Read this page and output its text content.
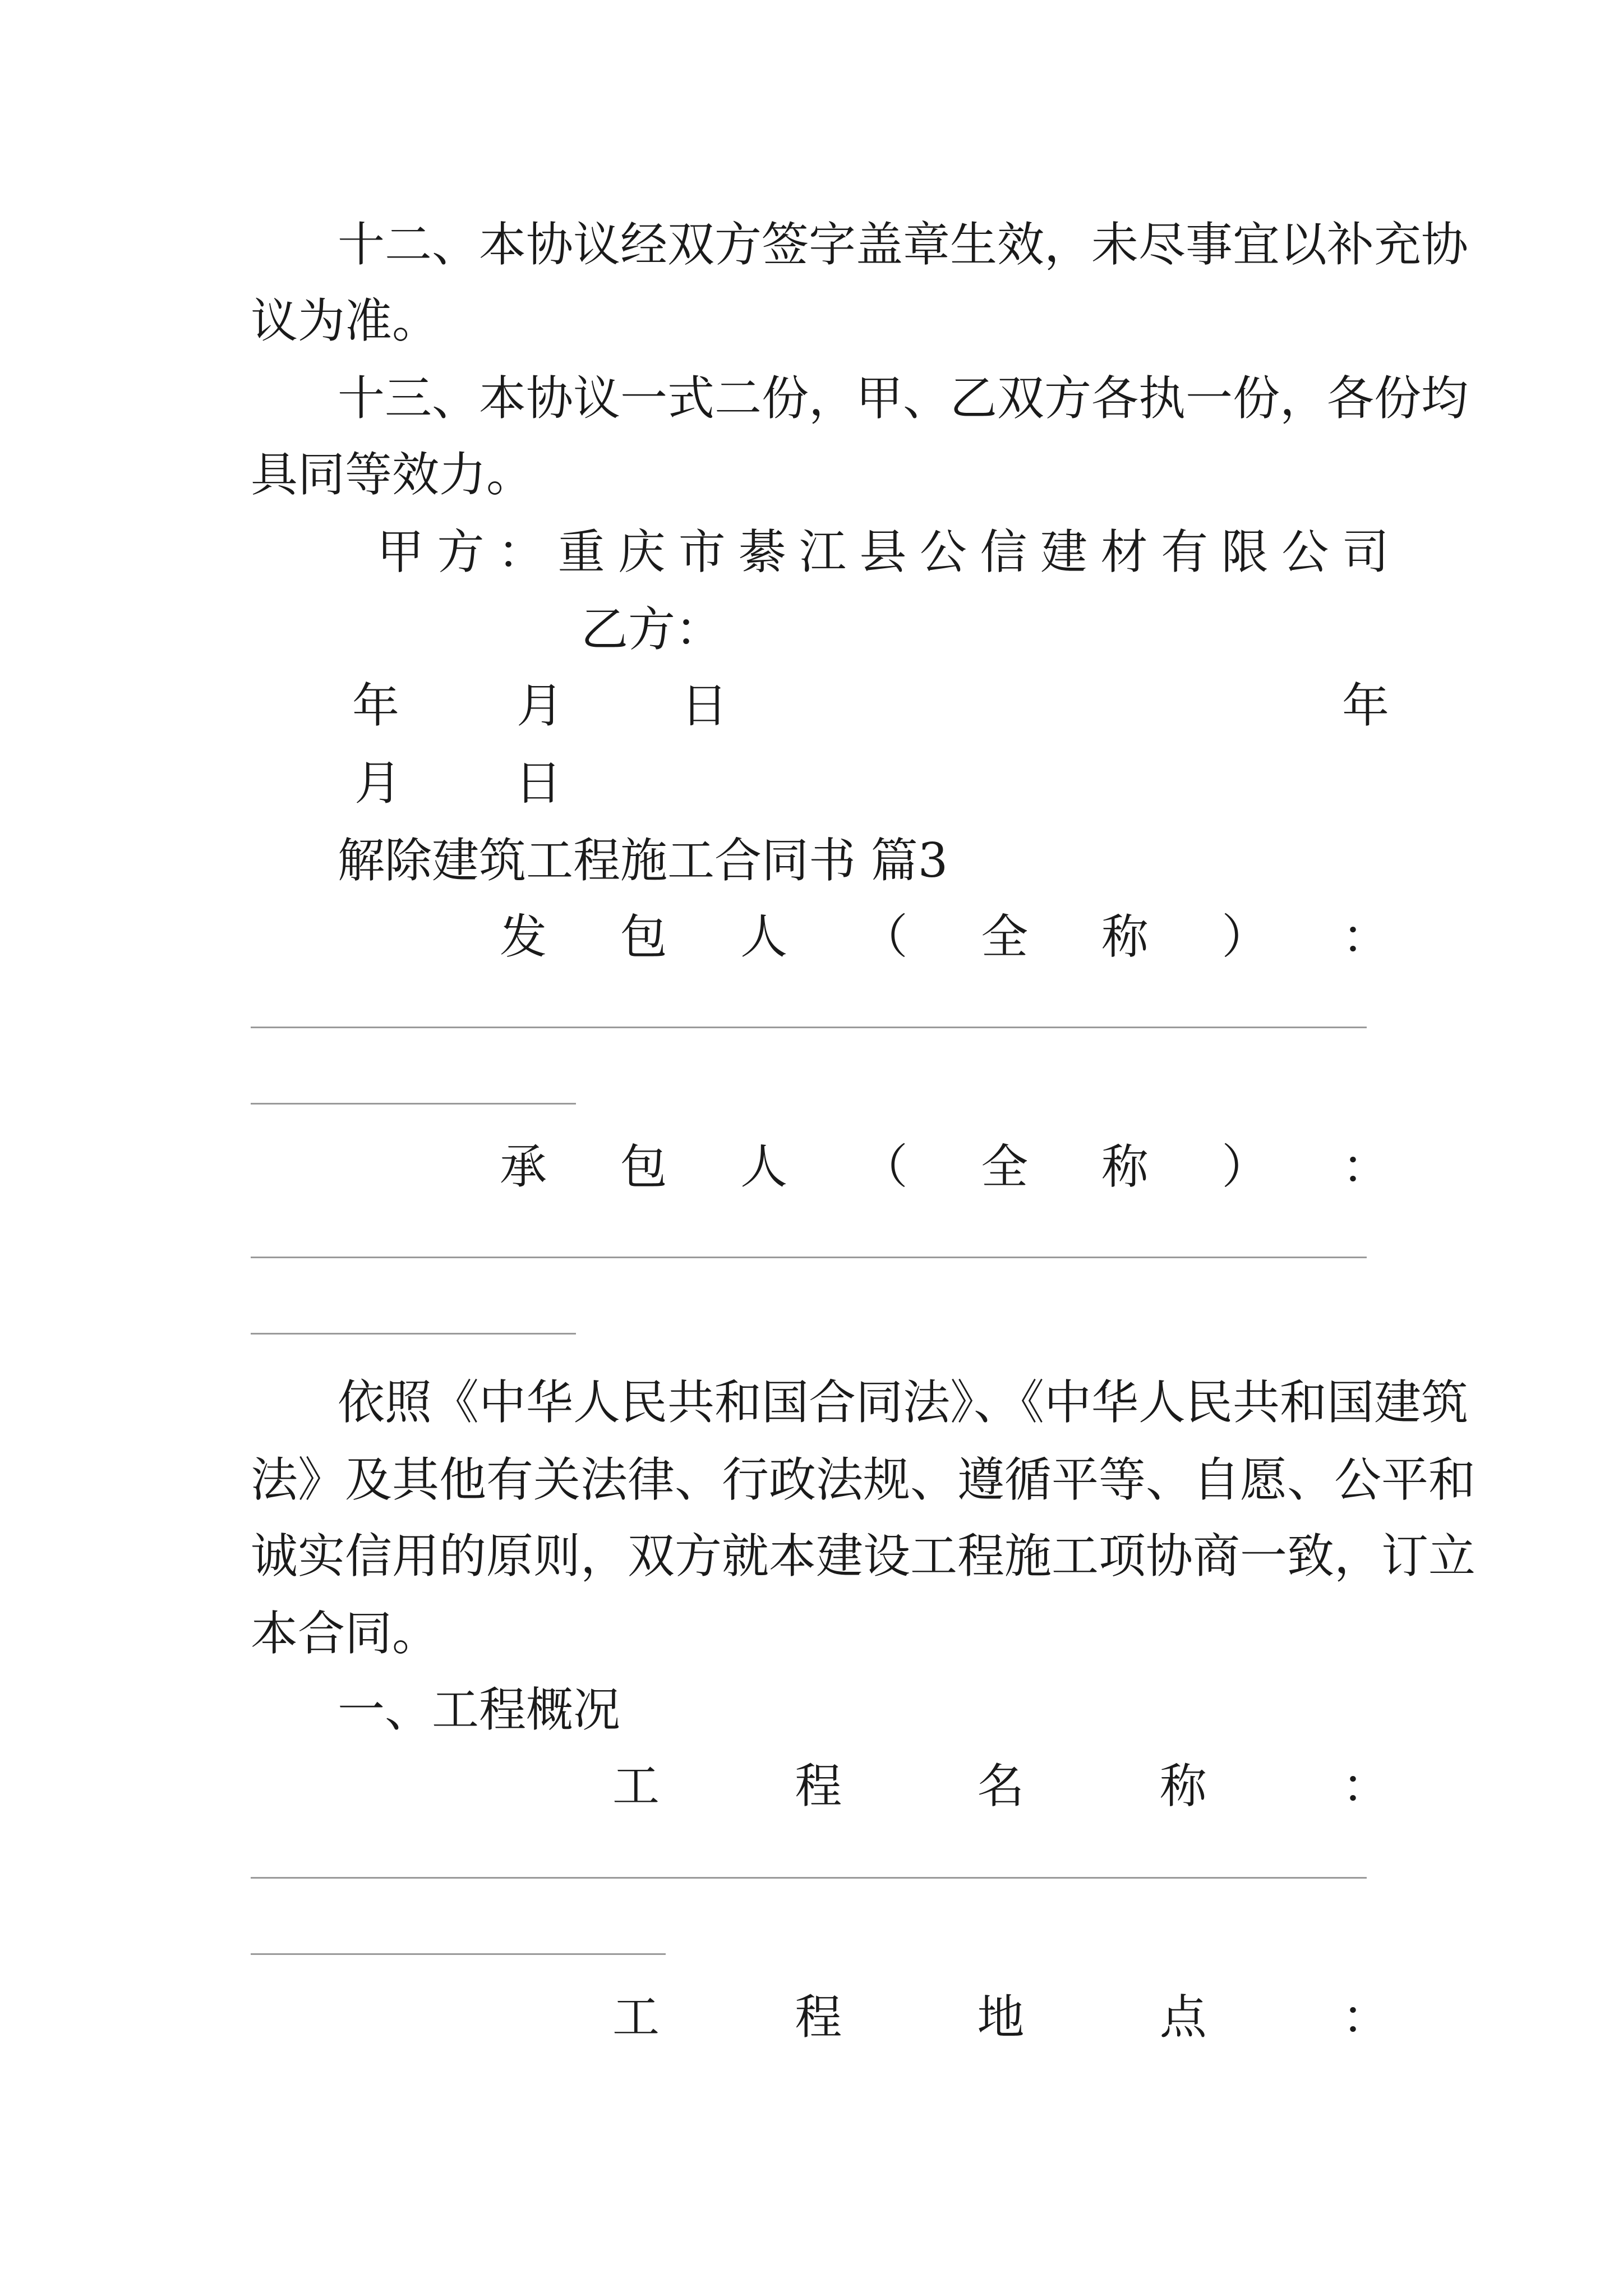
十二、本协议经双方签字盖章生效，未尽事宜以补充协
议为准。
十三、本协议一式二份，甲、乙双方各执一份，各份均
具同等效力。
甲 方 ： 重 庆 市 綦 江 县 公 信 建 材 有 限 公 司
乙方：
年 月 日	年
月 日
解除建筑工程施工合同书 篇3
发 包 人 （ 全 称 ） ：
承 包 人 （ 全 称 ） ：
依照《中华人民共和国合同法》、《中华人民共和国建筑
法》及其他有关法律、行政法规、遵循平等、自愿、公平和
诚实信用的原则，双方就本建设工程施工项协商一致，订立
本合同。
一、工程概况
工	程	名	称	：
工	程	地	点	：
